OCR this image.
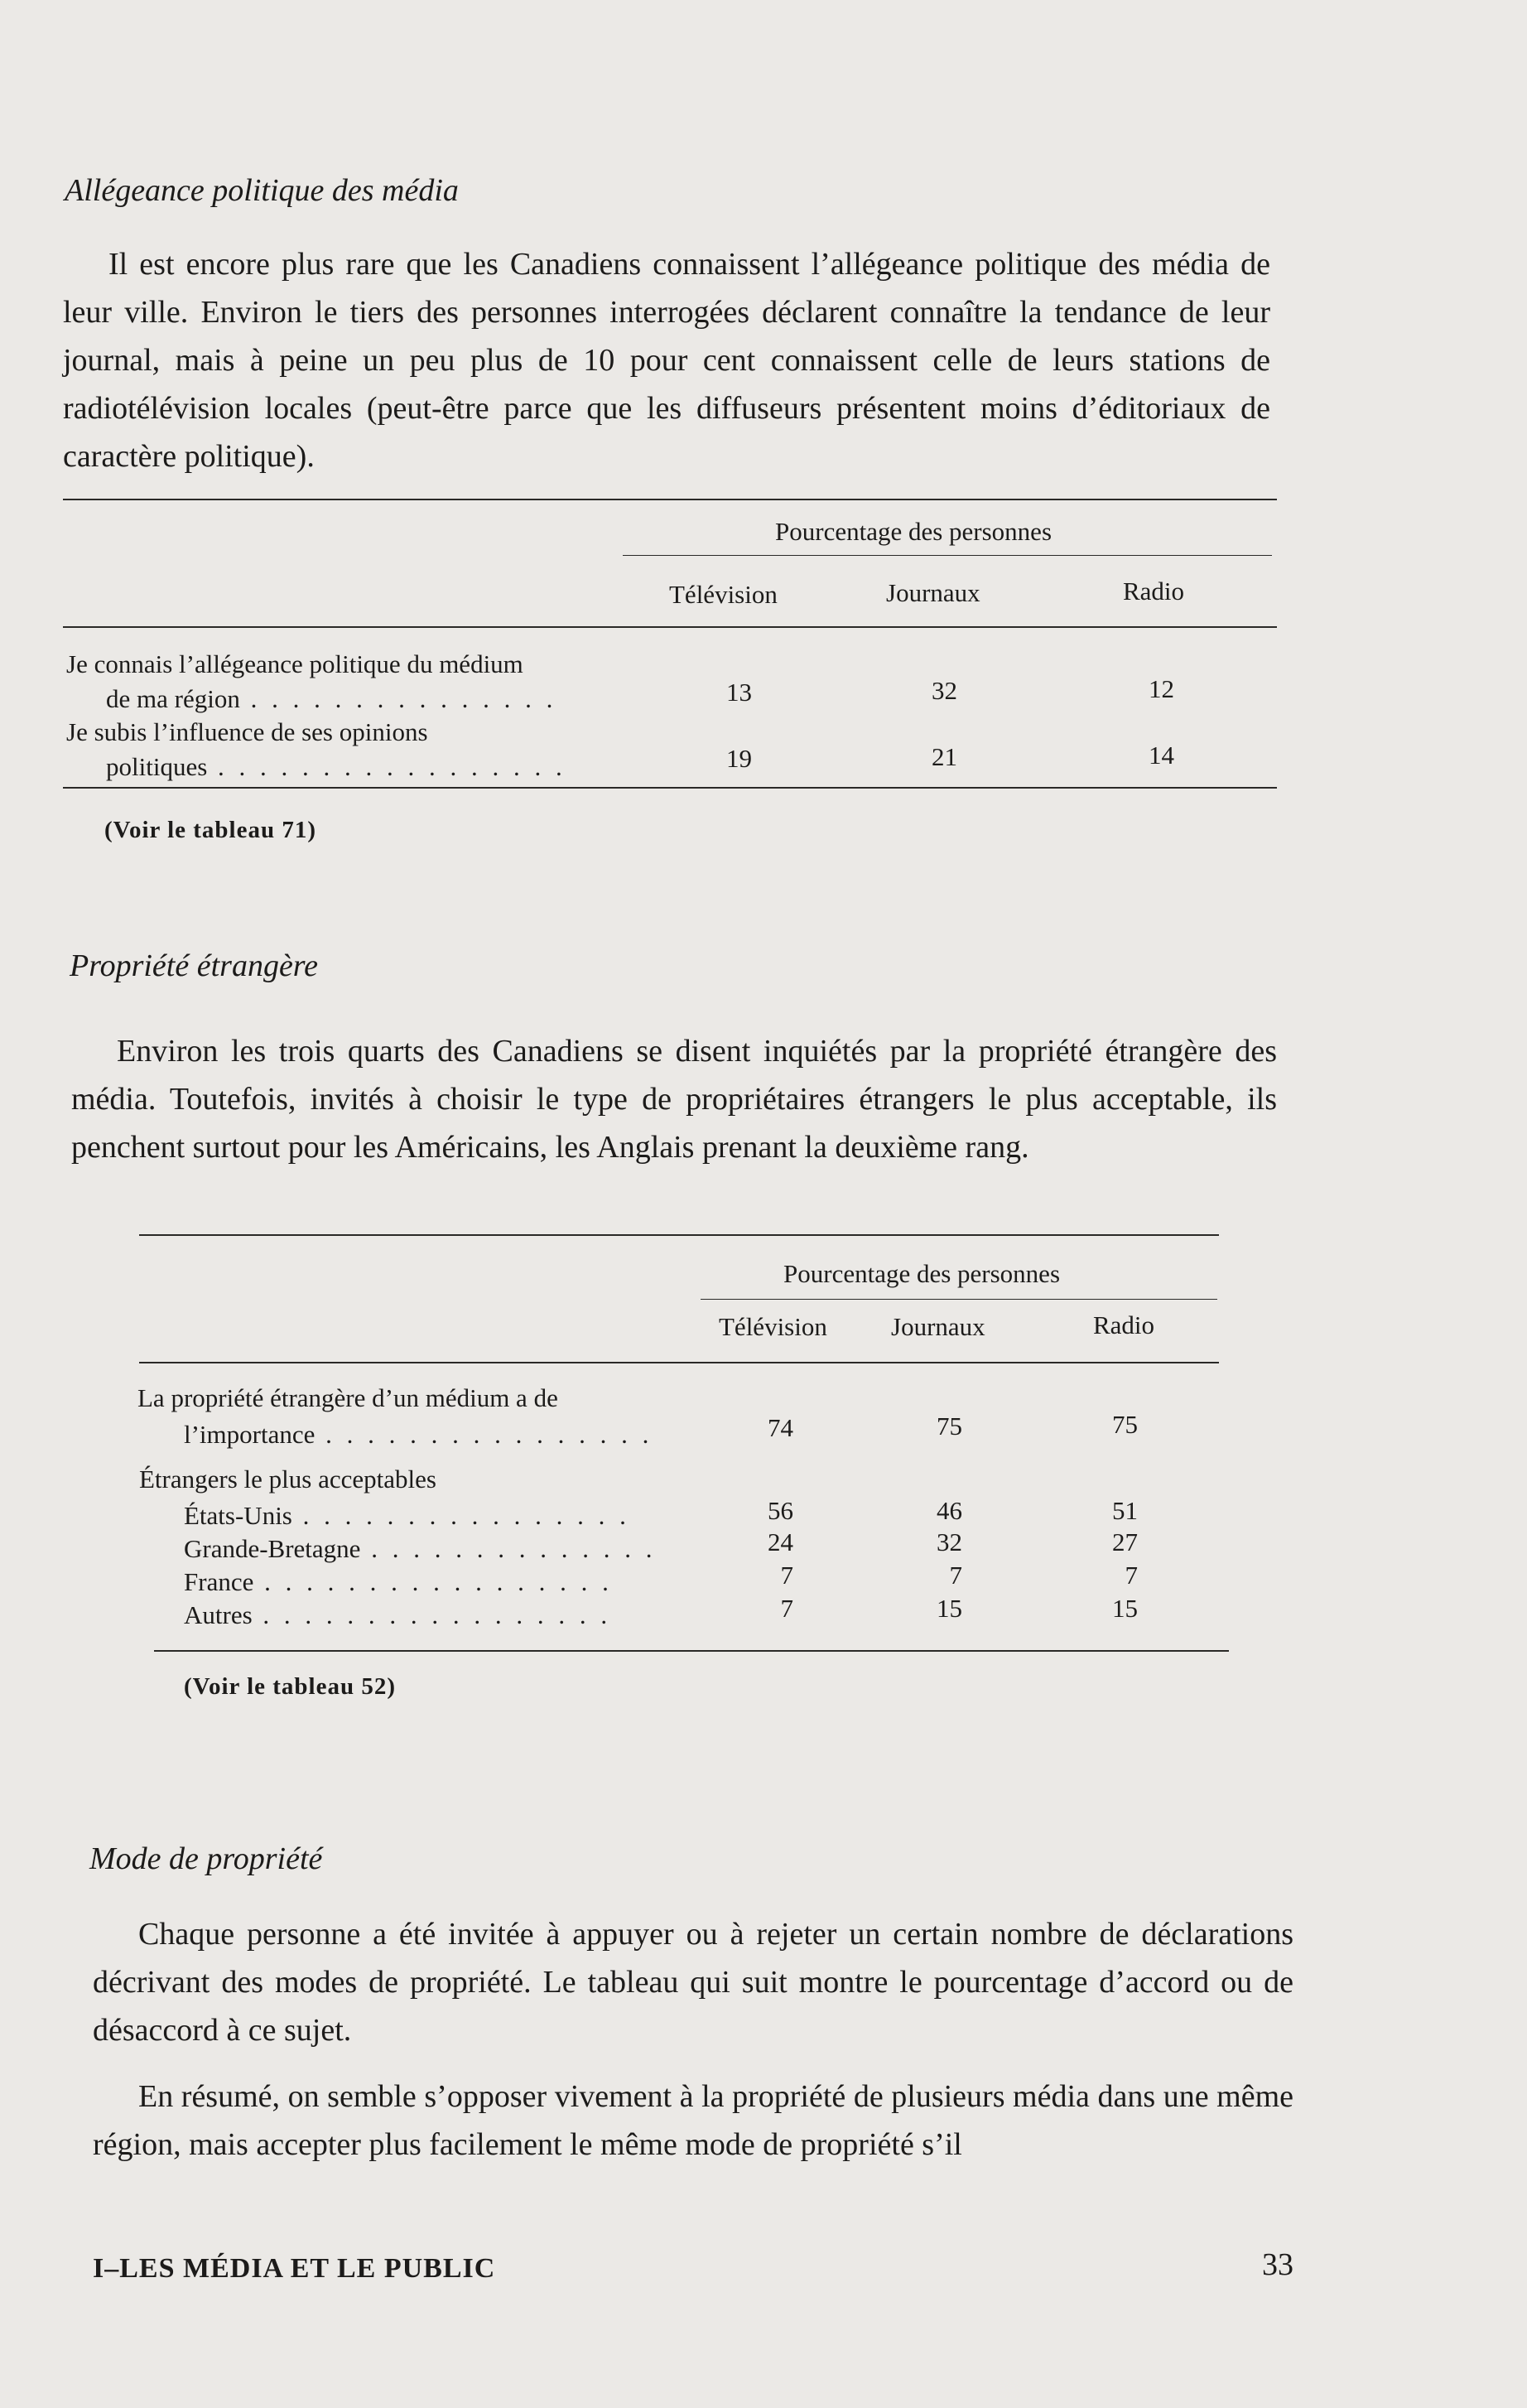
Allégeance politique des média

Il est encore plus rare que les Canadiens connaissent l’allégeance politique des média de leur ville. Environ le tiers des personnes interrogées déclarent connaître la tendance de leur journal, mais à peine un peu plus de 10 pour cent connaissent celle de leurs stations de radiotélévision locales (peut-être parce que les diffuseurs présentent moins d’éditoriaux de caractère politique).

Pourcentage des personnes
Télévision	Journaux	Radio
Je connais l’allégeance politique du médium
de ma région . . . . . . . . . . . . . . .	13	32	12
Je subis l’influence de ses opinions
politiques . . . . . . . . . . . . . . . . .	19	21	14
(Voir le tableau 71)
Propriété étrangère

Environ les trois quarts des Canadiens se disent inquiétés par la propriété étrangère des média. Toutefois, invités à choisir le type de propriétaires étrangers le plus acceptable, ils penchent surtout pour les Américains, les Anglais prenant la deuxième rang.

Pourcentage des personnes
Télévision Journaux	Radio
La propriété étrangère d’un médium a de
l’importance . . . . . . . . . . . . . . . .	74	75	75
Étrangers le plus acceptables
États-Unis . . . . . . . . . . . . . . . .	56	46	51
Grande-Bretagne . . . . . . . . . . . . . .	24	32	27
France . . . . . . . . . . . . . . . . .	7	7	7
Autres . . . . . . . . . . . . . . . . .	7	15	15
(Voir le tableau 52)
Mode de propriété

Chaque personne a été invitée à appuyer ou à rejeter un certain nombre de déclarations décrivant des modes de propriété. Le tableau qui suit montre le pourcentage d’accord ou de désaccord à ce sujet.

En résumé, on semble s’opposer vivement à la propriété de plusieurs média dans une même région, mais accepter plus facilement le même mode de propriété s’il

I–LES MÉDIA ET LE PUBLIC	33
